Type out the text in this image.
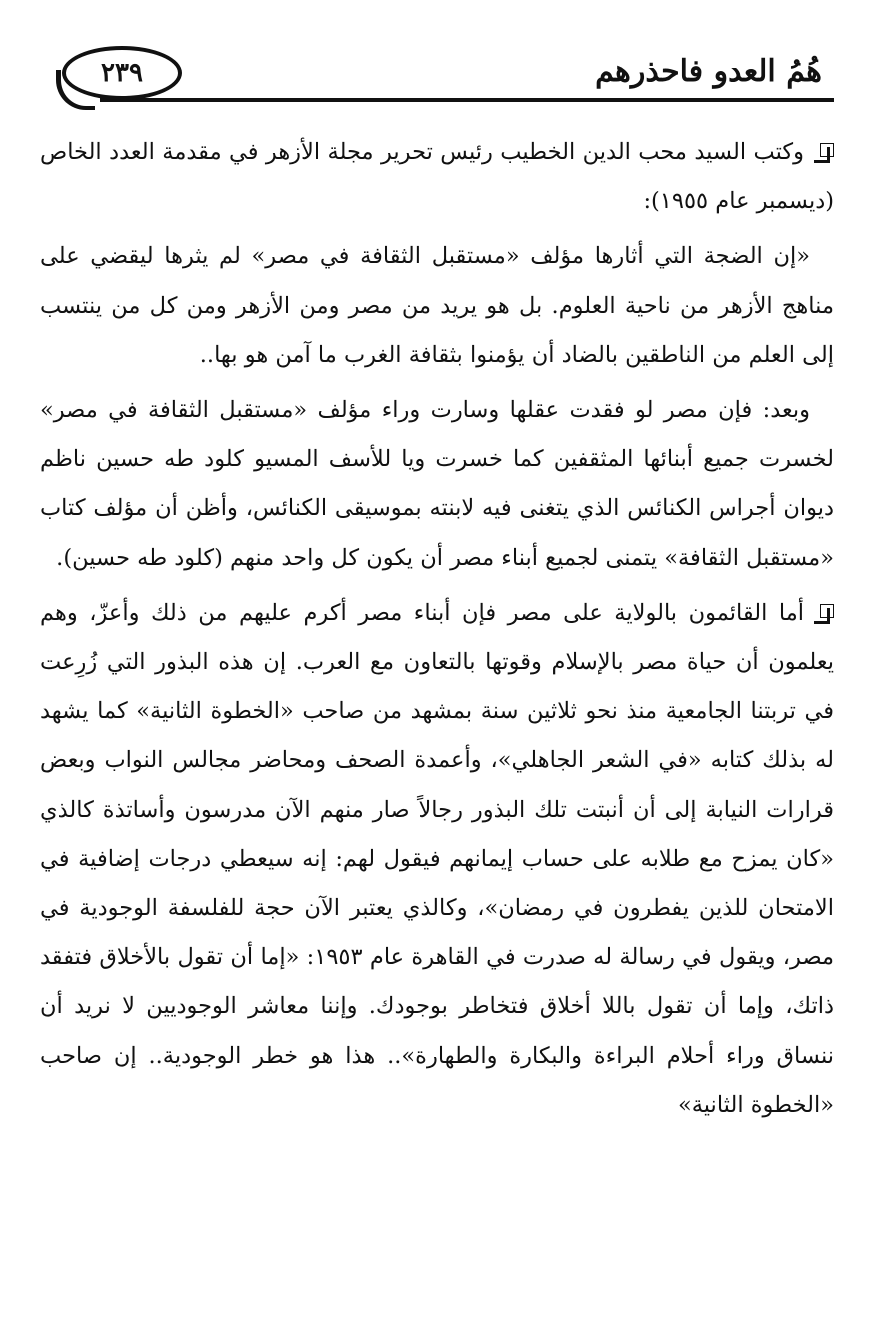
هُمُ العدو فاحذرهم
٢٣٩

وكتب السيد محب الدين الخطيب رئيس تحرير مجلة الأزهر في مقدمة العدد الخاص (ديسمبر عام ١٩٥٥):

«إن الضجة التي أثارها مؤلف «مستقبل الثقافة في مصر» لم يثرها ليقضي على مناهج الأزهر من ناحية العلوم. بل هو يريد من مصر ومن الأزهر ومن كل من ينتسب إلى العلم من الناطقين بالضاد أن يؤمنوا بثقافة الغرب ما آمن هو بها..

وبعد: فإن مصر لو فقدت عقلها وسارت وراء مؤلف «مستقبل الثقافة في مصر» لخسرت جميع أبنائها المثقفين كما خسرت ويا للأسف المسيو كلود طه حسين ناظم ديوان أجراس الكنائس الذي يتغنى فيه لابنته بموسيقى الكنائس، وأظن أن مؤلف كتاب «مستقبل الثقافة» يتمنى لجميع أبناء مصر أن يكون كل واحد منهم (كلود طه حسين).

أما القائمون بالولاية على مصر فإن أبناء مصر أكرم عليهم من ذلك وأعزّ، وهم يعلمون أن حياة مصر بالإسلام وقوتها بالتعاون مع العرب. إن هذه البذور التي زُرِعت في تربتنا الجامعية منذ نحو ثلاثين سنة بمشهد من صاحب «الخطوة الثانية» كما يشهد له بذلك كتابه «في الشعر الجاهلي»، وأعمدة الصحف ومحاضر مجالس النواب وبعض قرارات النيابة إلى أن أنبتت تلك البذور رجالاً صار منهم الآن مدرسون وأساتذة كالذي «كان يمزح مع طلابه على حساب إيمانهم فيقول لهم: إنه سيعطي درجات إضافية في الامتحان للذين يفطرون في رمضان»، وكالذي يعتبر الآن حجة للفلسفة الوجودية في مصر، ويقول في رسالة له صدرت في القاهرة عام ١٩٥٣: «إما أن تقول بالأخلاق فتفقد ذاتك، وإما أن تقول باللا أخلاق فتخاطر بوجودك. وإننا معاشر الوجوديين لا نريد أن ننساق وراء أحلام البراءة والبكارة والطهارة».. هذا هو خطر الوجودية.. إن صاحب «الخطوة الثانية»
